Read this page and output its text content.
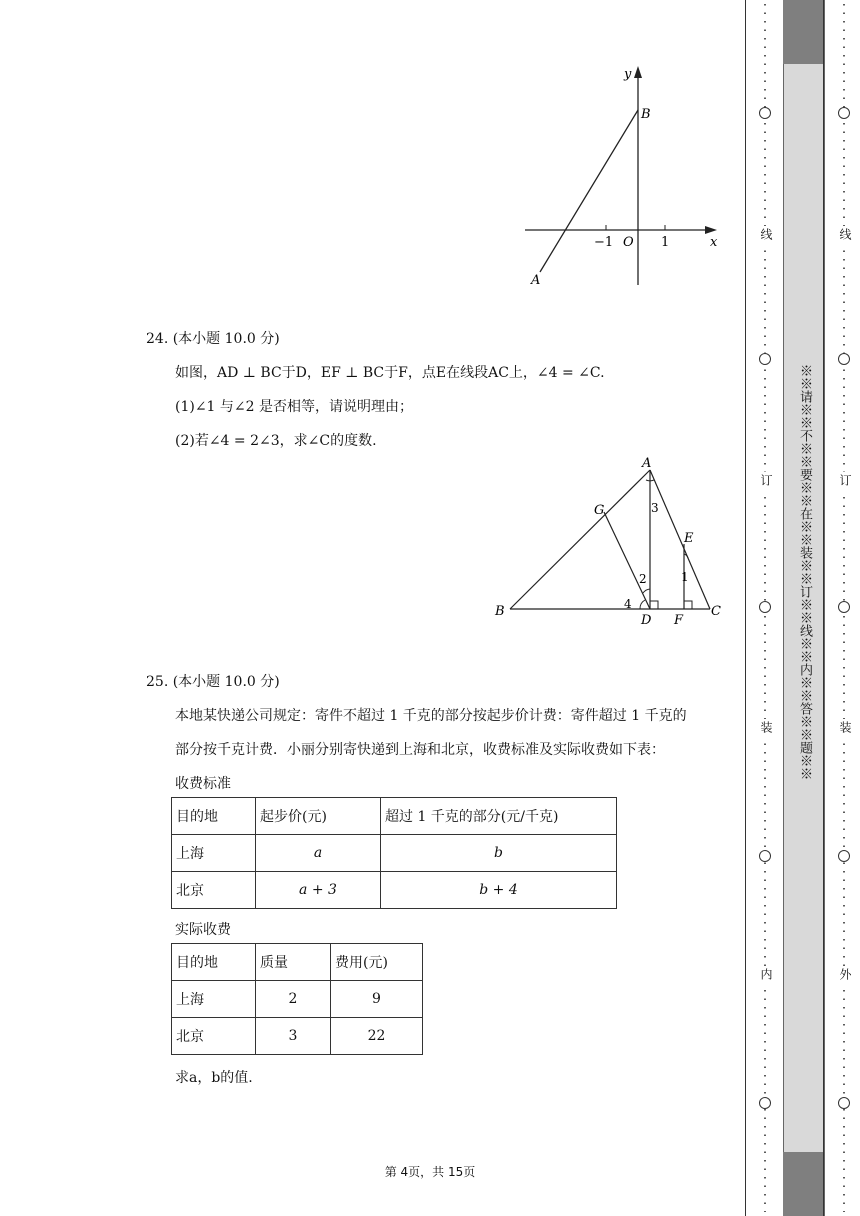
y
x
O
−1	1
A
B
24. (本小题 10.0 分)
如图，AD ⊥ BC于D，EF ⊥ BC于F，点E在线段AC上，∠4 = ∠C.
(1)∠1 与∠2 是否相等，请说明理由；
(2)若∠4 = 2∠3，求∠C的度数.
A
B	C
D F
E
G
1
2
3
4
25. (本小题 10.0 分)
本地某快递公司规定：寄件不超过 1 千克的部分按起步价计费：寄件超过 1 千克的
部分按千克计费．小丽分别寄快递到上海和北京，收费标准及实际收费如下表：
收费标准
目的地	起步价(元)	超过 1 千克的部分(元/千克)
上海	a	b
北京	a + 3	b + 4
实际收费
目的地	质量	费用(元)
上海	2	9
北京	3	22
求a，b的值.
第 4页，共 15页
线
订
装
内
※※请※※不※※要※※在※※装※※订※※线※※内※※答※※题※※
线
订
装
外
